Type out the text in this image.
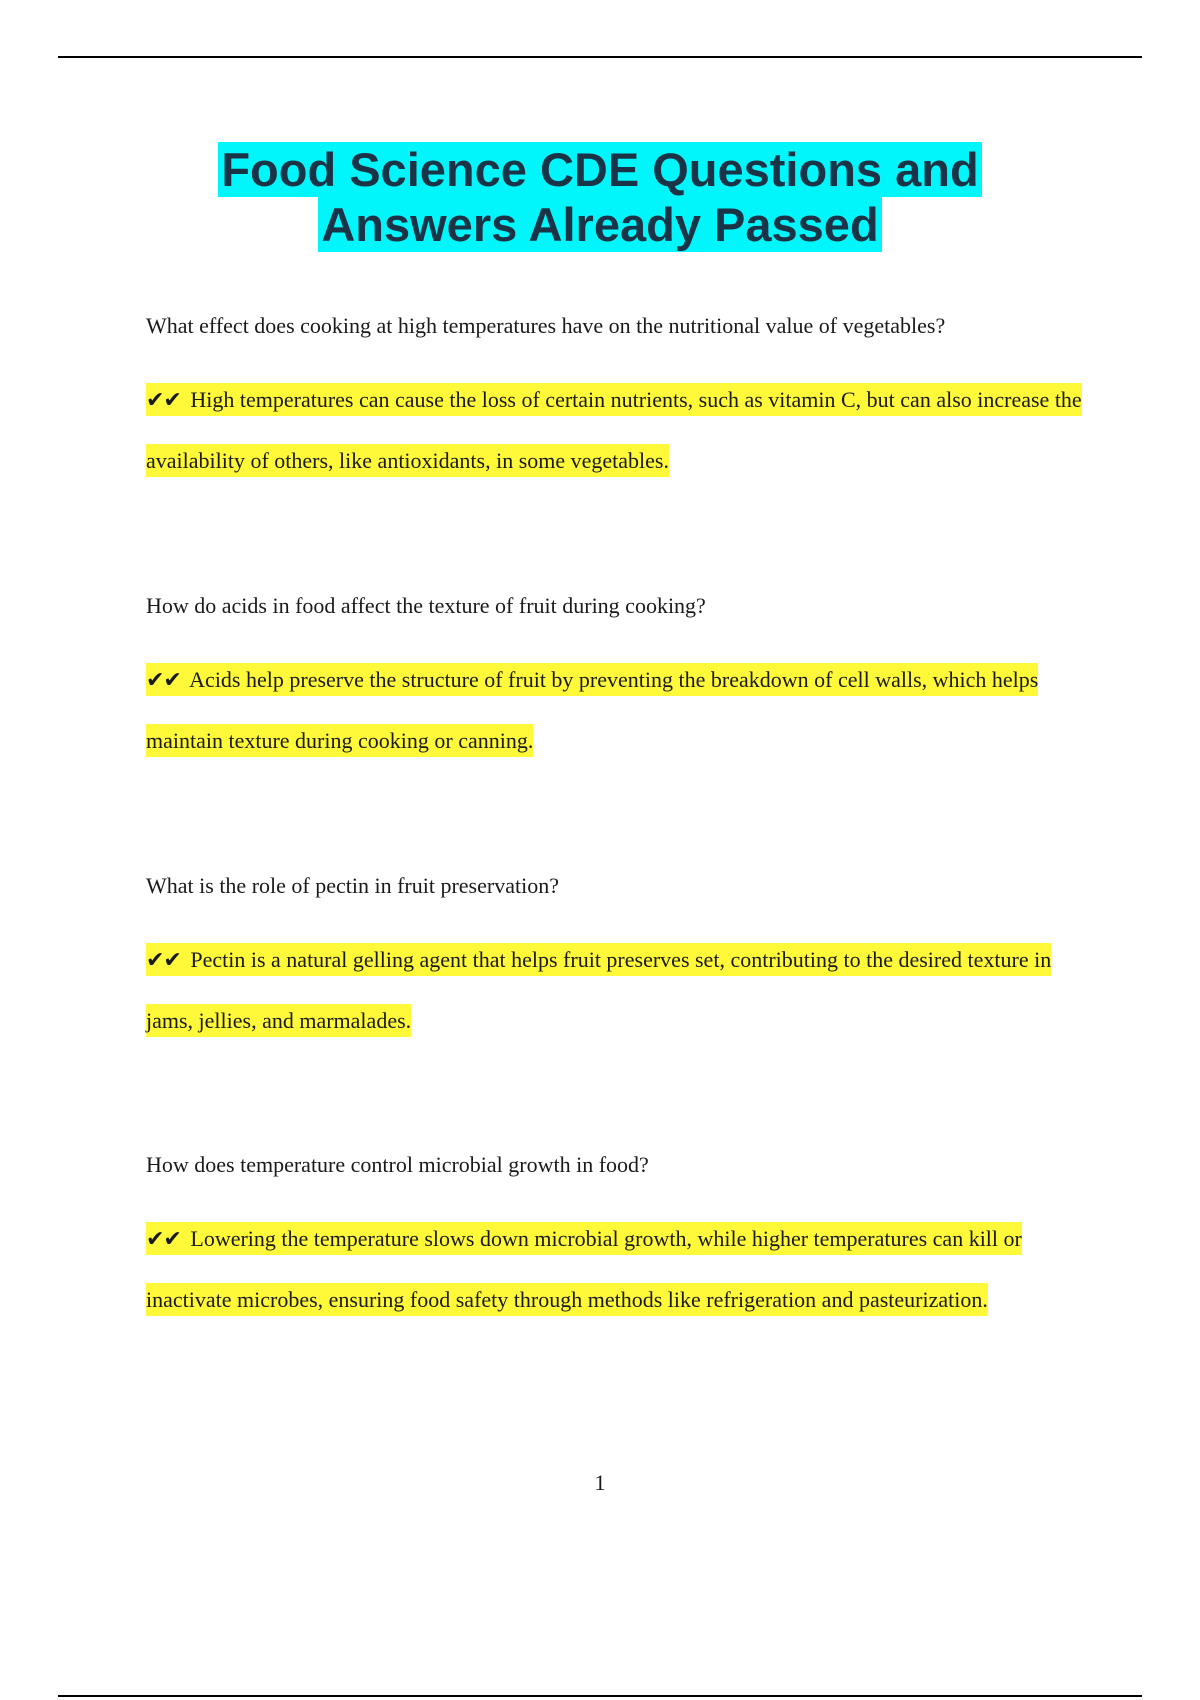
Food Science CDE Questions and
Answers Already Passed

What effect does cooking at high temperatures have on the nutritional value of vegetables?

✔✔ High temperatures can cause the loss of certain nutrients, such as vitamin C, but can also increase the availability of others, like antioxidants, in some vegetables.

How do acids in food affect the texture of fruit during cooking?

✔✔ Acids help preserve the structure of fruit by preventing the breakdown of cell walls, which helps maintain texture during cooking or canning.

What is the role of pectin in fruit preservation?

✔✔ Pectin is a natural gelling agent that helps fruit preserves set, contributing to the desired texture in jams, jellies, and marmalades.

How does temperature control microbial growth in food?

✔✔ Lowering the temperature slows down microbial growth, while higher temperatures can kill or inactivate microbes, ensuring food safety through methods like refrigeration and pasteurization.

1
